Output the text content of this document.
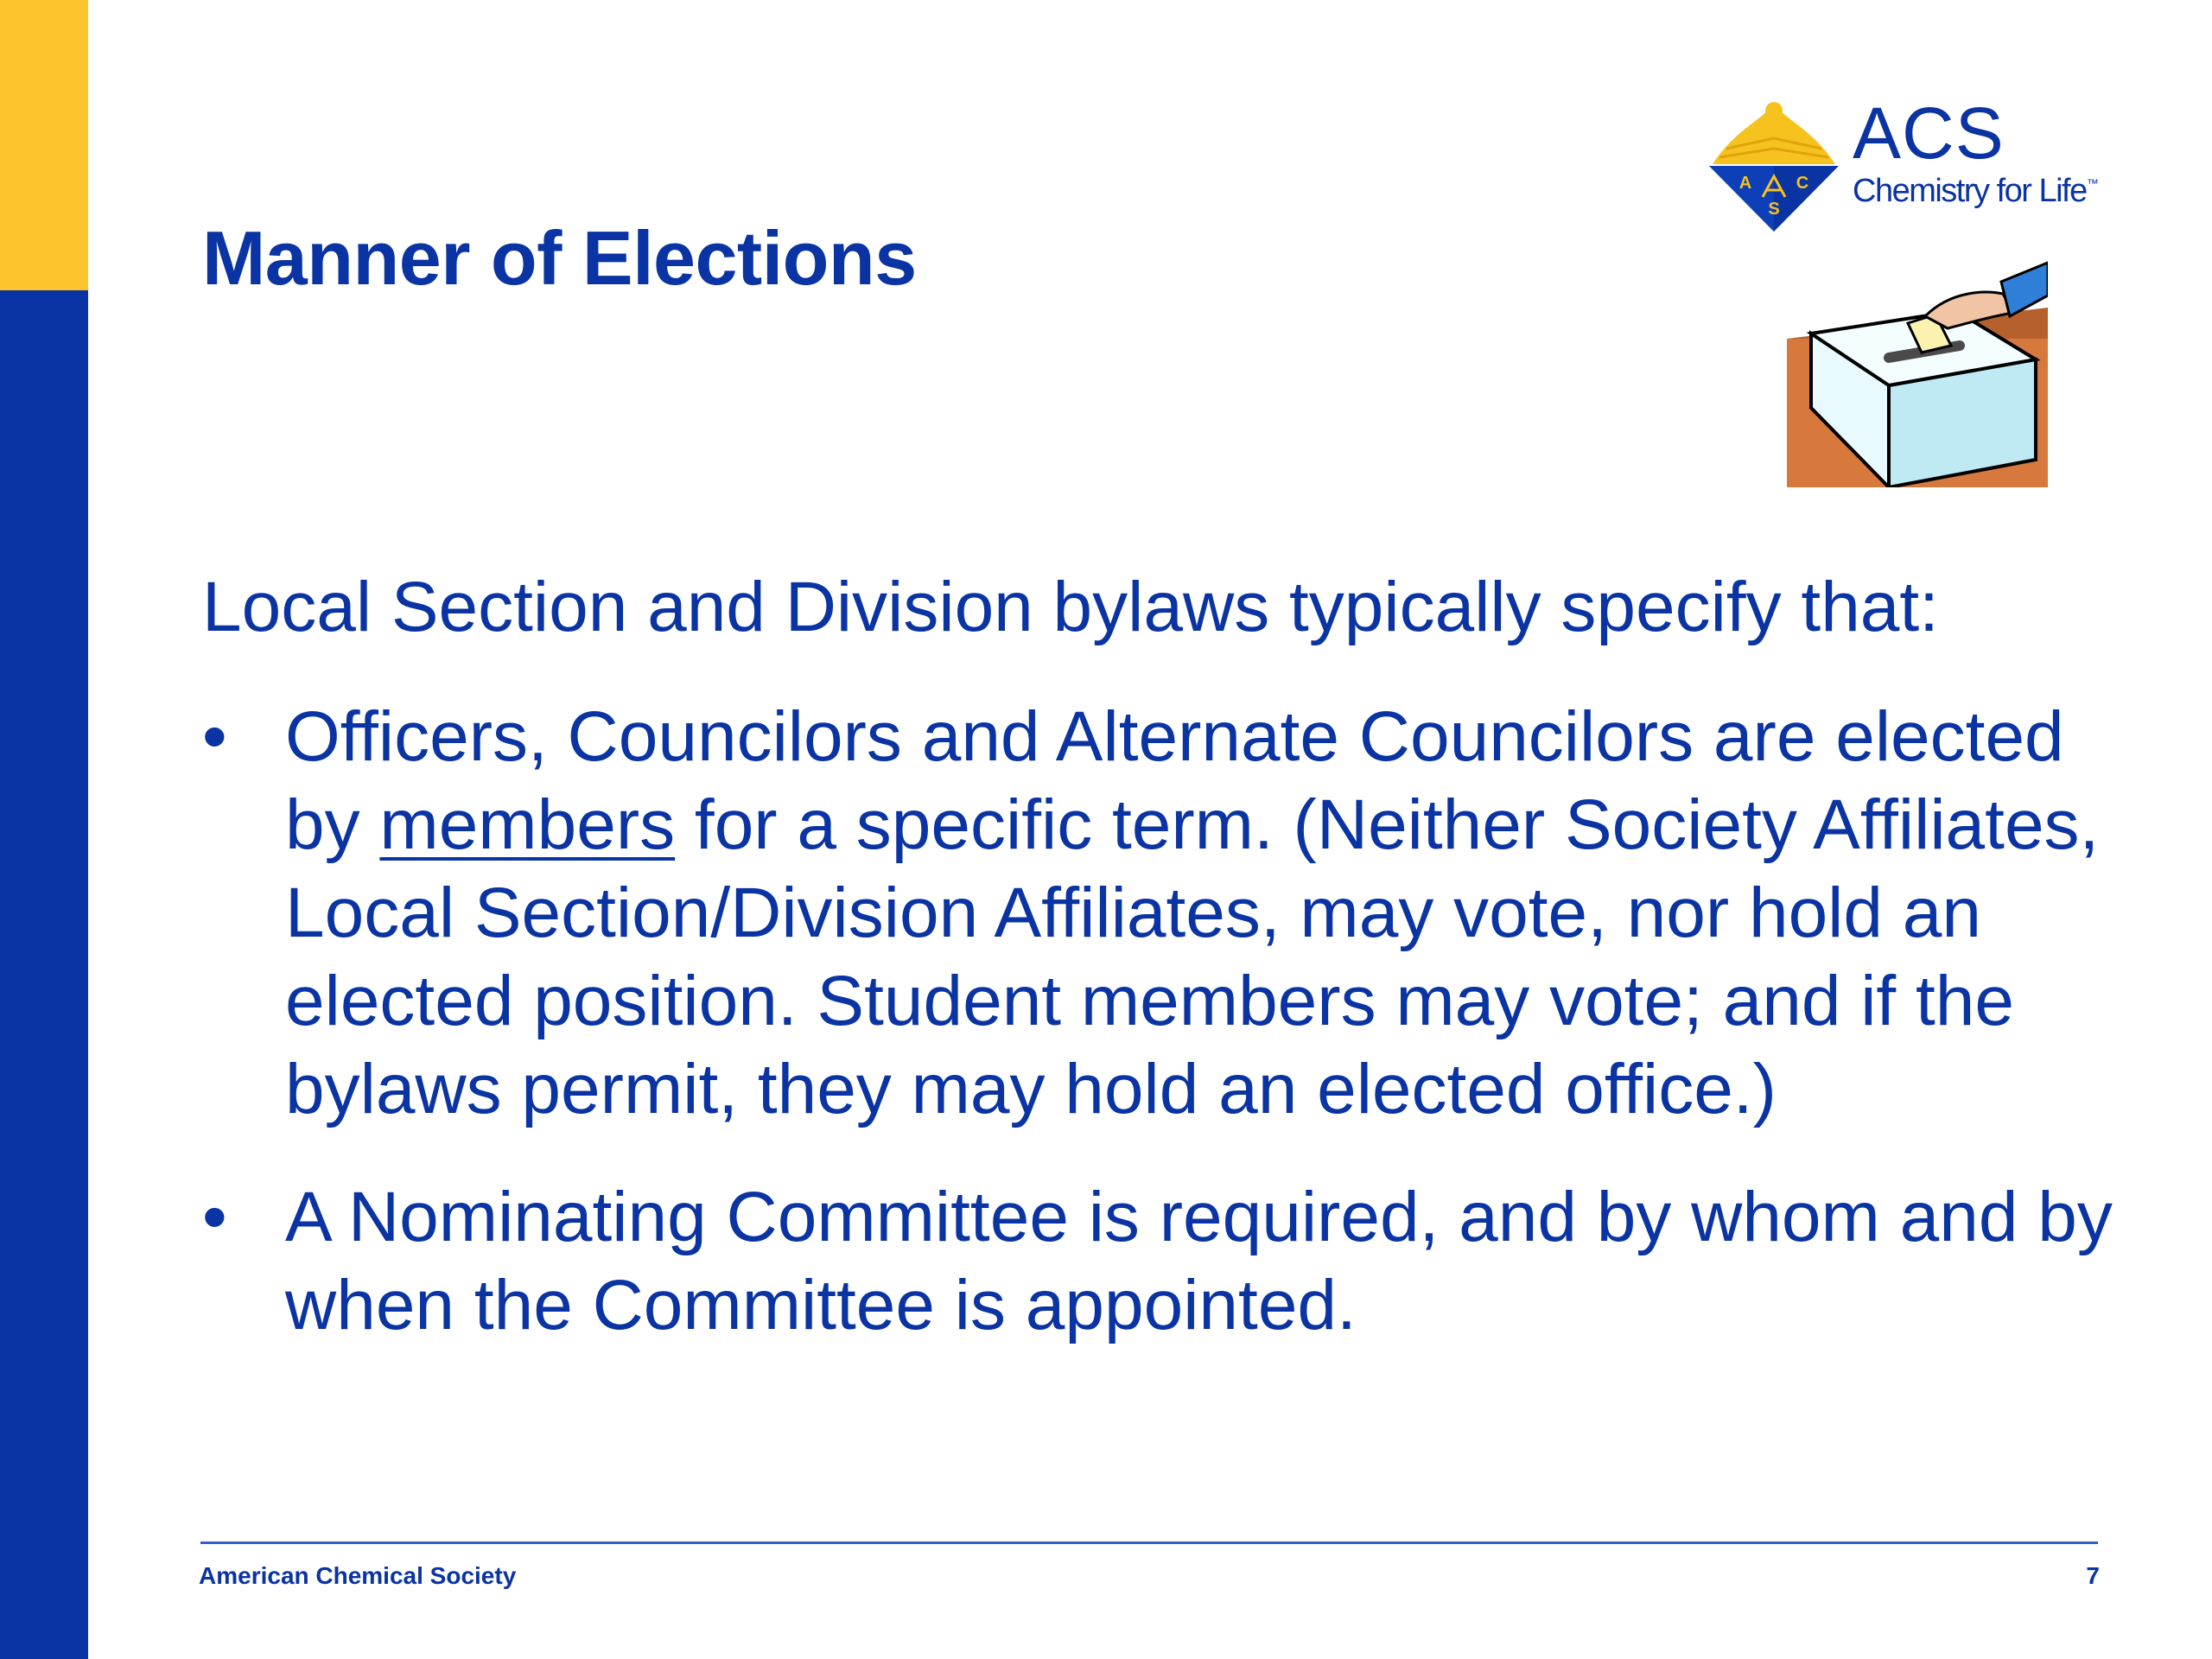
Manner of Elections
A	C
S
ACS
Chemistry for Life™

Local Section and Division bylaws typically specify that:

• Officers, Councilors and Alternate Councilors are elected by members for a specific term. (Neither Society Affiliates, Local Section/Division Affiliates, may vote, nor hold an elected position. Student members may vote; and if the bylaws permit, they may hold an elected office.)
• A Nominating Committee is required, and by whom and by when the Committee is appointed.
American Chemical Society	7
